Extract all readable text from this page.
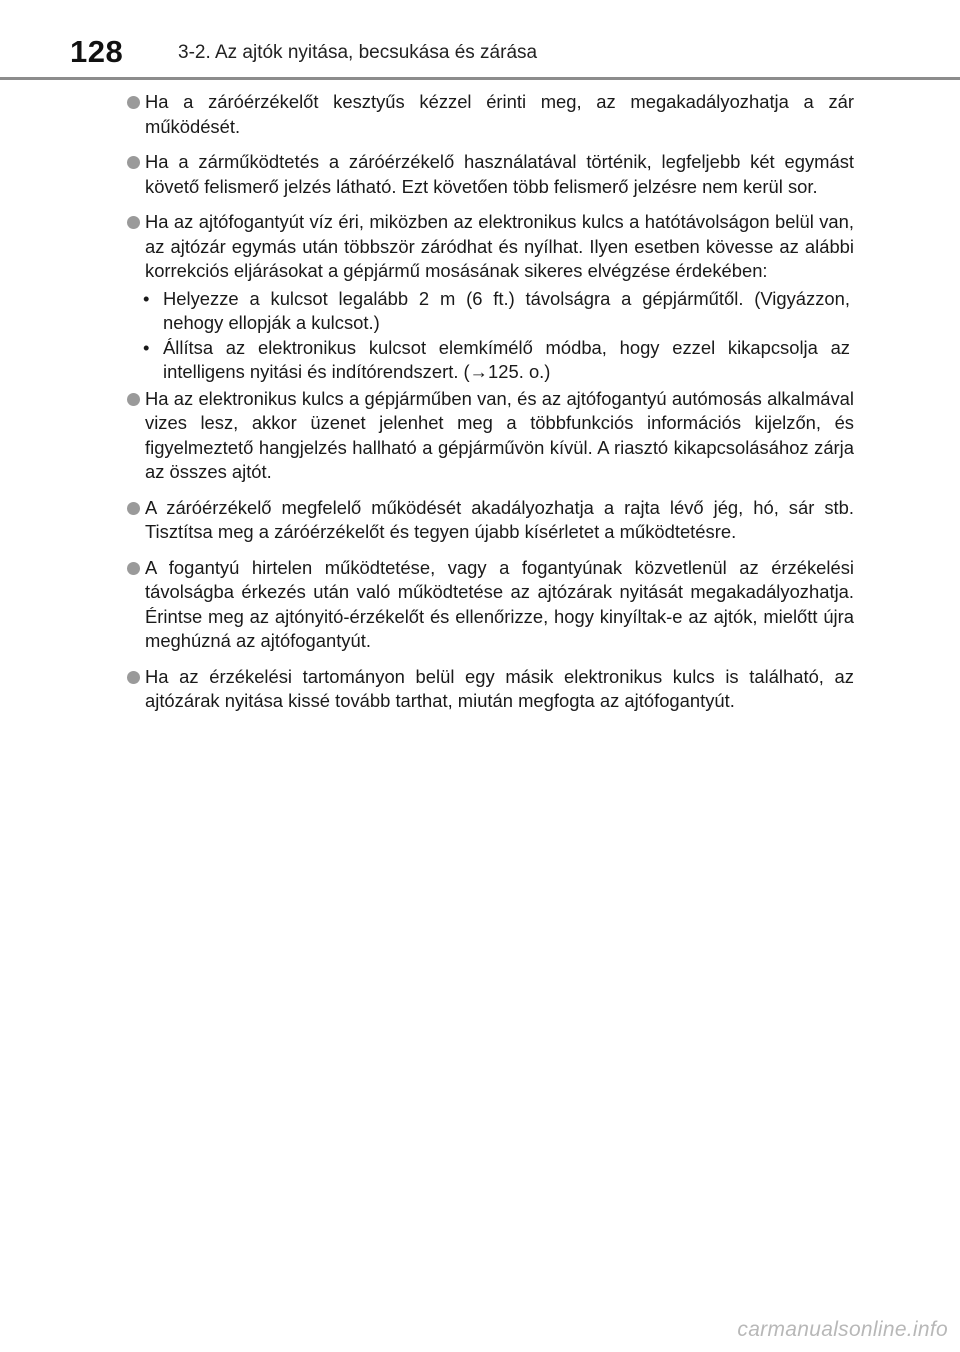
128	3-2. Az ajtók nyitása, becsukása és zárása
Ha a záróérzékelőt kesztyűs kézzel érinti meg, az megakadályozhatja a zár működését.
Ha a zárműködtetés a záróérzékelő használatával történik, legfeljebb két egymást követő felismerő jelzés látható. Ezt követően több felismerő jelzésre nem kerül sor.
Ha az ajtófogantyút víz éri, miközben az elektronikus kulcs a hatótávolságon belül van, az ajtózár egymás után többször záródhat és nyílhat. Ilyen esetben kövesse az alábbi korrekciós eljárásokat a gépjármű mosásának sikeres elvégzése érdekében:
• Helyezze a kulcsot legalább 2 m (6 ft.) távolságra a gépjárműtől. (Vigyázzon, nehogy ellopják a kulcsot.)
• Állítsa az elektronikus kulcsot elemkímélő módba, hogy ezzel kikapcsolja az intelligens nyitási és indítórendszert. (→125. o.)
Ha az elektronikus kulcs a gépjárműben van, és az ajtófogantyú autómosás alkalmával vizes lesz, akkor üzenet jelenhet meg a többfunkciós információs kijelzőn, és figyelmeztető hangjelzés hallható a gépjárművön kívül. A riasztó kikapcsolásához zárja az összes ajtót.
A záróérzékelő megfelelő működését akadályozhatja a rajta lévő jég, hó, sár stb. Tisztítsa meg a záróérzékelőt és tegyen újabb kísérletet a működtetésre.
A fogantyú hirtelen működtetése, vagy a fogantyúnak közvetlenül az érzékelési távolságba érkezés után való működtetése az ajtózárak nyitását megakadályozhatja. Érintse meg az ajtónyitó-érzékelőt és ellenőrizze, hogy kinyíltak-e az ajtók, mielőtt újra meghúzná az ajtófogantyút.
Ha az érzékelési tartományon belül egy másik elektronikus kulcs is található, az ajtózárak nyitása kissé tovább tarthat, miután megfogta az ajtófogantyút.
carmanualsonline.info
